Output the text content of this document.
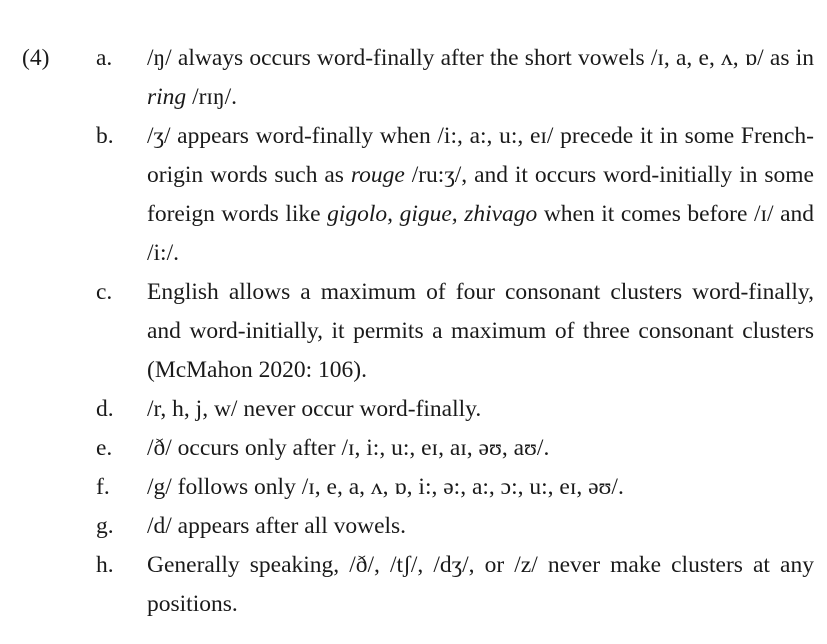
(4) a. /ŋ/ always occurs word-finally after the short vowels /ɪ, a, e, ʌ, ɒ/ as in ring /rɪŋ/.
b. /ʒ/ appears word-finally when /i:, a:, u:, eɪ/ precede it in some French-origin words such as rouge /ru:ʒ/, and it occurs word-initially in some foreign words like gigolo, gigue, zhivago when it comes before /ɪ/ and /i:/.
c. English allows a maximum of four consonant clusters word-finally, and word-initially, it permits a maximum of three consonant clusters (McMahon 2020: 106).
d. /r, h, j, w/ never occur word-finally.
e. /ð/ occurs only after /ɪ, i:, u:, eɪ, aɪ, əʊ, aʊ/.
f. /g/ follows only /ɪ, e, a, ʌ, ɒ, i:, ə:, a:, ɔ:, u:, eɪ, əʊ/.
g. /d/ appears after all vowels.
h. Generally speaking, /ð/, /tʃ/, /dʒ/, or /z/ never make clusters at any positions.
